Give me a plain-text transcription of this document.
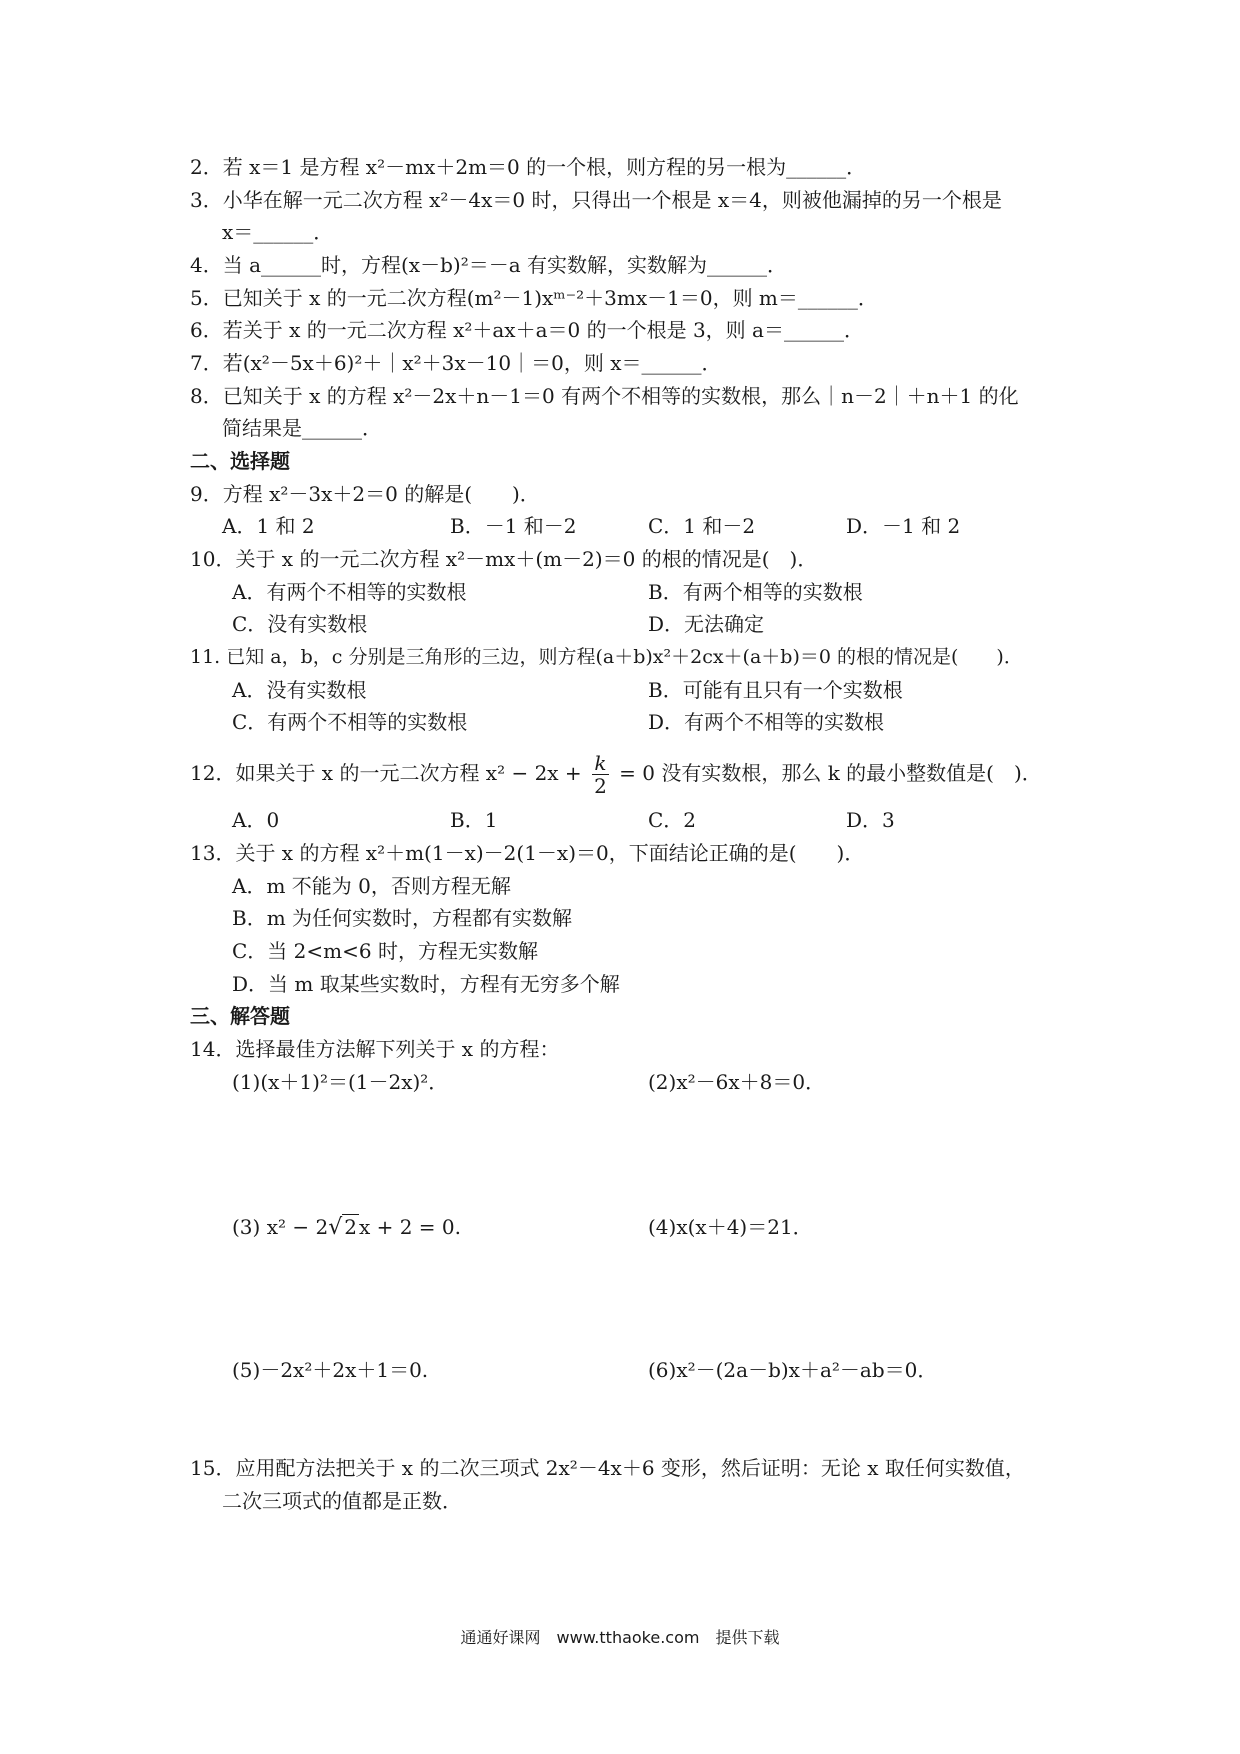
2．若 x＝1 是方程 x²－mx＋2m＝0 的一个根，则方程的另一根为______．
3．小华在解一元二次方程 x²－4x＝0 时，只得出一个根是 x＝4，则被他漏掉的另一个根是
x＝______．
4．当 a______时，方程(x－b)²＝－a 有实数解，实数解为______．
5．已知关于 x 的一元二次方程(m²－1)xᵐ⁻²＋3mx－1＝0，则 m＝______．
6．若关于 x 的一元二次方程 x²＋ax＋a＝0 的一个根是 3，则 a＝______．
7．若(x²－5x＋6)²＋｜x²＋3x－10｜＝0，则 x＝______．
8．已知关于 x 的方程 x²－2x＋n－1＝0 有两个不相等的实数根，那么｜n－2｜＋n＋1 的化
简结果是______．
二、选择题
9．方程 x²－3x＋2＝0 的解是(　　)．
A．1 和 2	B．－1 和－2	C．1 和－2	D．－1 和 2
10．关于 x 的一元二次方程 x²－mx＋(m－2)＝0 的根的情况是(　)．
A．有两个不相等的实数根	B．有两个相等的实数根
C．没有实数根	D．无法确定
11. 已知 a，b，c 分别是三角形的三边，则方程(a＋b)x²＋2cx＋(a＋b)＝0 的根的情况是(　　)．
A．没有实数根	B．可能有且只有一个实数根
C．有两个不相等的实数根	D．有两个不相等的实数根
12．如果关于 x 的一元二次方程 $x^2 - 2x + \frac{k}{2} = 0$ 没有实数根，那么 k 的最小整数值是(　)．
A．0	B．1	C．2	D．3
13．关于 x 的方程 x²＋m(1－x)－2(1－x)＝0，下面结论正确的是(　　)．
A．m 不能为 0，否则方程无解
B．m 为任何实数时，方程都有实数解
C．当 2<m<6 时，方程无实数解
D．当 m 取某些实数时，方程有无穷多个解
三、解答题
14．选择最佳方法解下列关于 x 的方程：
(1)(x＋1)²＝(1－2x)²．	(2)x²－6x＋8＝0．
(3) x² − 2√ 2 x + 2 = 0.	(4)x(x＋4)＝21．
(5)－2x²＋2x＋1＝0.	(6)x²－(2a－b)x＋a²－ab＝0．
15．应用配方法把关于 x 的二次三项式 2x²－4x＋6 变形，然后证明：无论 x 取任何实数值，
二次三项式的值都是正数．
通通好课网　www.tthaoke.com　提供下载
